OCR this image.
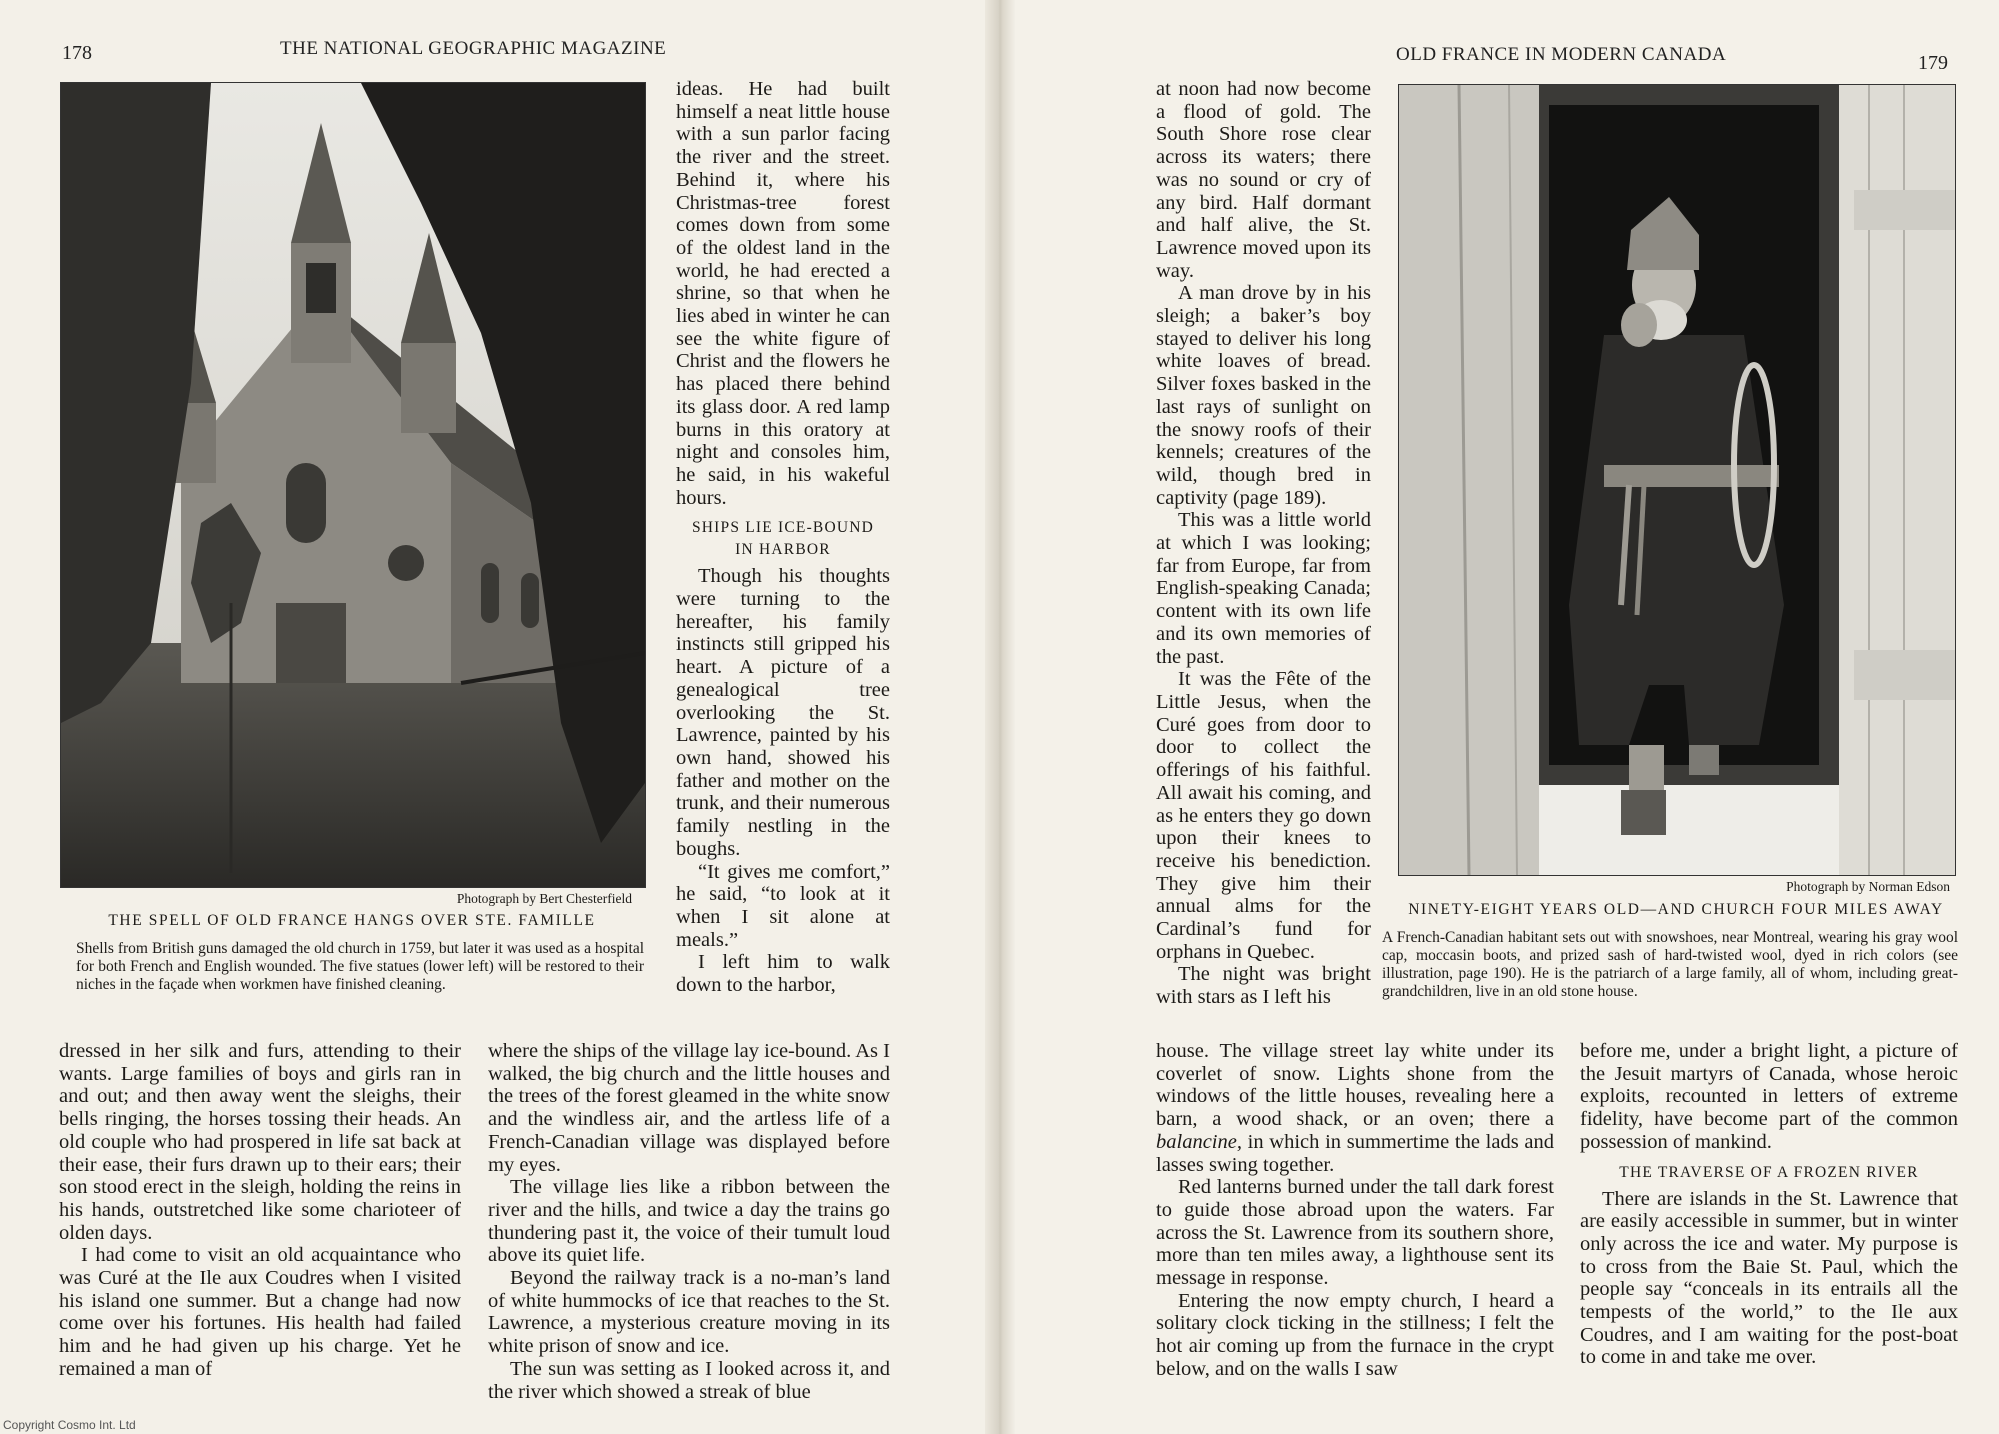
178	THE NATIONAL GEOGRAPHIC MAGAZINE
Photograph by Bert Chesterfield
THE SPELL OF OLD FRANCE HANGS OVER STE. FAMILLE

Shells from British guns damaged the old church in 1759, but later it was used as a hospital for both French and English wounded. The five statues (lower left) will be restored to their niches in the façade when workmen have finished cleaning.

ideas. He had built himself a neat little house with a sun parlor facing the river and the street. Behind it, where his Christmas-tree forest comes down from some of the oldest land in the world, he had erected a shrine, so that when he lies abed in winter he can see the white figure of Christ and the flowers he has placed there behind its glass door. A red lamp burns in this oratory at night and consoles him, he said, in his wakeful hours.

SHIPS LIE ICE-BOUND
IN HARBOR

Though his thoughts were turning to the hereafter, his family instincts still gripped his heart. A picture of a genealogical tree overlooking the St. Lawrence, painted by his own hand, showed his father and mother on the trunk, and their numerous family nestling in the boughs.

“It gives me comfort,” he said, “to look at it when I sit alone at meals.”

I left him to walk down to the harbor,

dressed in her silk and furs, attending to their wants. Large families of boys and girls ran in and out; and then away went the sleighs, their bells ringing, the horses tossing their heads. An old couple who had prospered in life sat back at their ease, their furs drawn up to their ears; their son stood erect in the sleigh, holding the reins in his hands, outstretched like some charioteer of olden days.

I had come to visit an old acquaintance who was Curé at the Ile aux Coudres when I visited his island one summer. But a change had now come over his fortunes. His health had failed him and he had given up his charge. Yet he remained a man of

where the ships of the village lay ice-bound. As I walked, the big church and the little houses and the trees of the forest gleamed in the white snow and the windless air, and the artless life of a French-Canadian village was displayed before my eyes.

The village lies like a ribbon between the river and the hills, and twice a day the trains go thundering past it, the voice of their tumult loud above its quiet life.

Beyond the railway track is a no-man’s land of white hummocks of ice that reaches to the St. Lawrence, a mysterious creature moving in its white prison of snow and ice.

The sun was setting as I looked across it, and the river which showed a streak of blue

OLD FRANCE IN MODERN CANADA	179

at noon had now become a flood of gold. The South Shore rose clear across its waters; there was no sound or cry of any bird. Half dormant and half alive, the St. Lawrence moved upon its way.

A man drove by in his sleigh; a baker’s boy stayed to deliver his long white loaves of bread. Silver foxes basked in the last rays of sunlight on the snowy roofs of their kennels; creatures of the wild, though bred in captivity (page 189).

This was a little world at which I was looking; far from Europe, far from English-speaking Canada; content with its own life and its own memories of the past.

It was the Fête of the Little Jesus, when the Curé goes from door to door to collect the offerings of his faithful. All await his coming, and as he enters they go down upon their knees to receive his benediction. They give him their annual alms for the Cardinal’s fund for orphans in Quebec.

The night was bright with stars as I left his

Photograph by Norman Edson
NINETY-EIGHT YEARS OLD—AND CHURCH FOUR MILES AWAY

A French-Canadian habitant sets out with snowshoes, near Montreal, wearing his gray wool cap, moccasin boots, and prized sash of hard-twisted wool, dyed in rich colors (see illustration, page 190). He is the patriarch of a large family, all of whom, including great-grandchildren, live in an old stone house.

house. The village street lay white under its coverlet of snow. Lights shone from the windows of the little houses, revealing here a barn, a wood shack, or an oven; there a balancine, in which in summertime the lads and lasses swing together.

Red lanterns burned under the tall dark forest to guide those abroad upon the waters. Far across the St. Lawrence from its southern shore, more than ten miles away, a lighthouse sent its message in response.

Entering the now empty church, I heard a solitary clock ticking in the stillness; I felt the hot air coming up from the furnace in the crypt below, and on the walls I saw

before me, under a bright light, a picture of the Jesuit martyrs of Canada, whose heroic exploits, recounted in letters of extreme fidelity, have become part of the common possession of mankind.

THE TRAVERSE OF A FROZEN RIVER

There are islands in the St. Lawrence that are easily accessible in summer, but in winter only across the ice and water. My purpose is to cross from the Baie St. Paul, which the people say “conceals in its entrails all the tempests of the world,” to the Ile aux Coudres, and I am waiting for the post-boat to come in and take me over.

Copyright Cosmo Int. Ltd
